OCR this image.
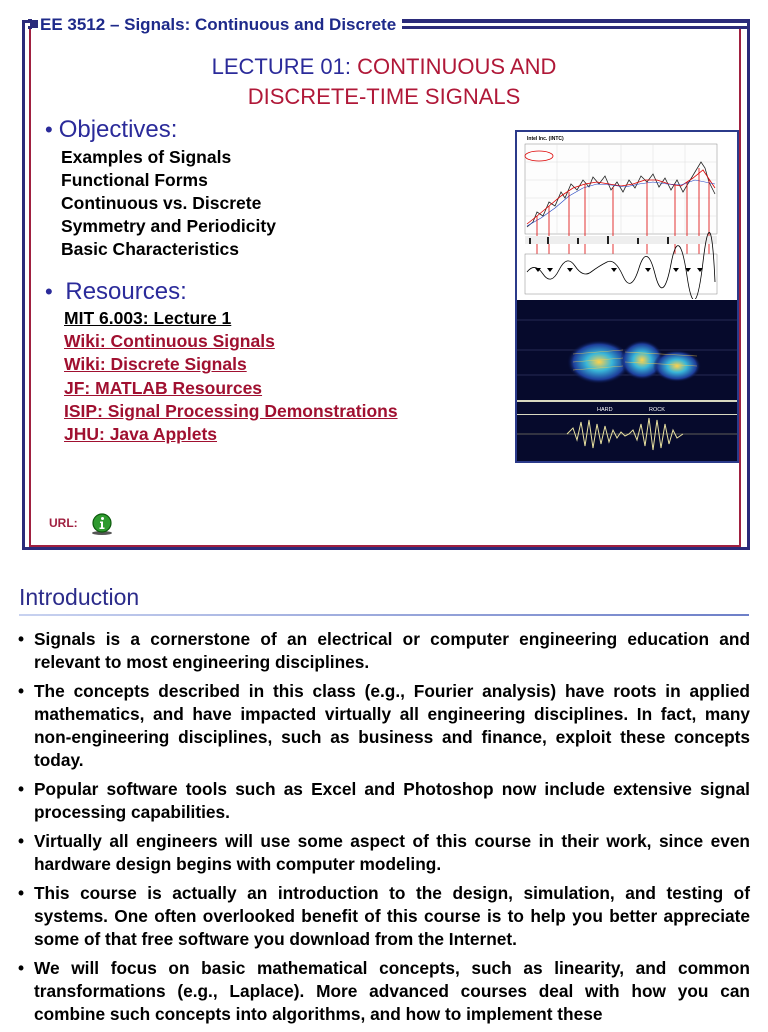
EE 3512 – Signals: Continuous and Discrete
LECTURE 01: CONTINUOUS AND
DISCRETE-TIME SIGNALS
• Objectives:
Examples of Signals
Functional Forms
Continuous vs. Discrete
Symmetry and Periodicity
Basic Characteristics
• Resources:
MIT 6.003: Lecture 1
Wiki: Continuous Signals
Wiki: Discrete Signals
JF: MATLAB Resources
ISIP: Signal Processing Demonstrations
JHU: Java Applets
URL:
Intel Inc. (INTC)
HARD	ROCK
Introduction
• Signals is a cornerstone of an electrical or computer engineering education and relevant to most engineering disciplines.
• The concepts described in this class (e.g., Fourier analysis) have roots in applied mathematics, and have impacted virtually all engineering disciplines. In fact, many non-engineering disciplines, such as business and finance, exploit these concepts today.
• Popular software tools such as Excel and Photoshop now include extensive signal processing capabilities.
• Virtually all engineers will use some aspect of this course in their work, since even hardware design begins with computer modeling.
• This course is actually an introduction to the design, simulation, and testing of systems. One often overlooked benefit of this course is to help you better appreciate some of that free software you download from the Internet.
• We will focus on basic mathematical concepts, such as linearity, and common transformations (e.g., Laplace). More advanced courses deal with how you can combine such concepts into algorithms, and how to implement these
